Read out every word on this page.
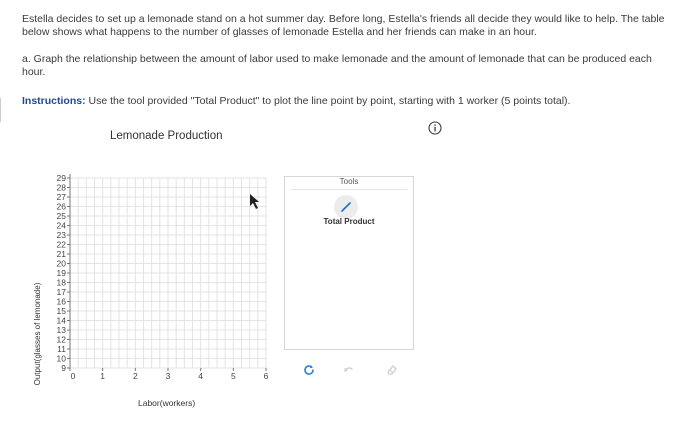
Estella decides to set up a lemonade stand on a hot summer day. Before long, Estella's friends all decide they would like to help. The table below shows what happens to the number of glasses of lemonade Estella and her friends can make in an hour.
a. Graph the relationship between the amount of labor used to make lemonade and the amount of lemonade that can be produced each hour.
Instructions: Use the tool provided "Total Product" to plot the line point by point, starting with 1 worker (5 points total).
Lemonade Production
9
10
11
12
13
14
15
16
17
18
19
20
21
22
23
24
25
26
27
28
29
0	1	2	3	4	5	6
Output(glasses of lemonade)
Labor(workers)
Tools
Total Product
